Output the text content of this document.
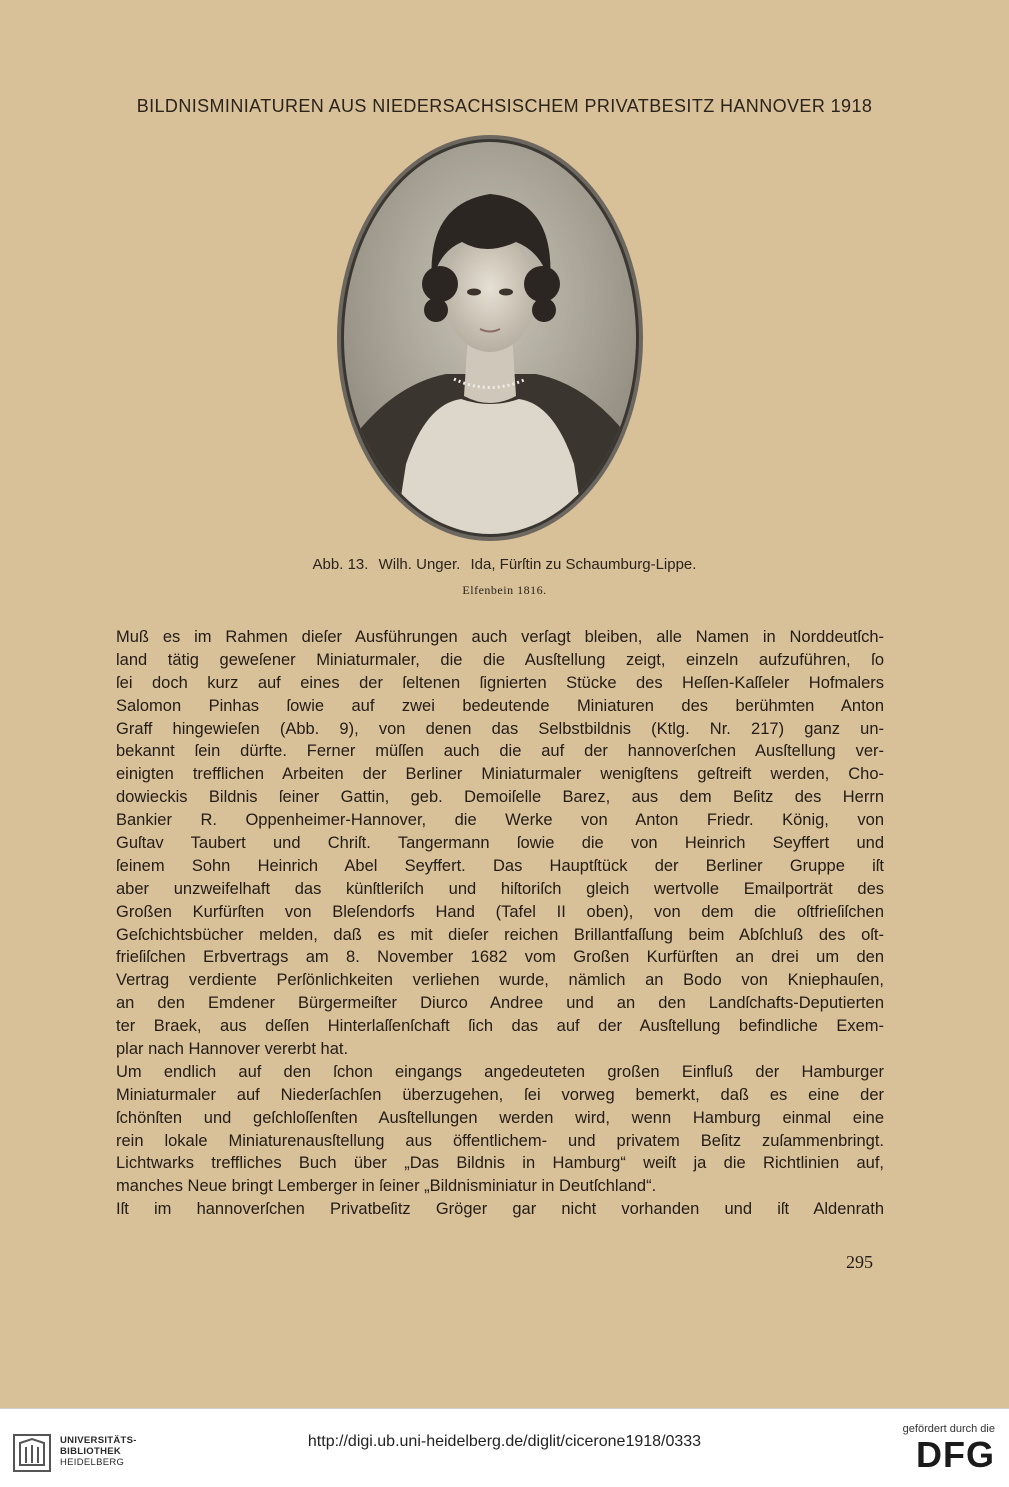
BILDNISMINIATUREN AUS NIEDERSACHSISCHEM PRIVATBESITZ HANNOVER 1918
Abb. 13. Wilh. Unger. Ida, Fürſtin zu Schaumburg-Lippe.
Elfenbein 1816.
Muß es im Rahmen dieſer Ausführungen auch verſagt bleiben, alle Namen in Norddeutſch-
land tätig geweſener Miniaturmaler, die die Ausſtellung zeigt, einzeln aufzuführen, ſo
ſei doch kurz auf eines der ſeltenen ſignierten Stücke des Heſſen-Kaſſeler Hofmalers
Salomon Pinhas ſowie auf zwei bedeutende Miniaturen des berühmten Anton
Graff hingewieſen (Abb. 9), von denen das Selbstbildnis (Ktlg. Nr. 217) ganz un-
bekannt ſein dürfte. Ferner müſſen auch die auf der hannoverſchen Ausſtellung ver-
einigten trefflichen Arbeiten der Berliner Miniaturmaler wenigſtens geſtreift werden, Cho-
dowieckis Bildnis ſeiner Gattin, geb. Demoiſelle Barez, aus dem Beſitz des Herrn
Bankier R. Oppenheimer-Hannover, die Werke von Anton Friedr. König, von
Guſtav Taubert und Chriſt. Tangermann ſowie die von Heinrich Seyffert und
ſeinem Sohn Heinrich Abel Seyffert. Das Hauptſtück der Berliner Gruppe iſt
aber unzweifelhaft das künſtleriſch und hiſtoriſch gleich wertvolle Emailporträt des
Großen Kurfürſten von Bleſendorfs Hand (Tafel II oben), von dem die oſtfrieſiſchen
Geſchichtsbücher melden, daß es mit dieſer reichen Brillantfaſſung beim Abſchluß des oſt-
frieſiſchen Erbvertrags am 8. November 1682 vom Großen Kurfürſten an drei um den
Vertrag verdiente Perſönlichkeiten verliehen wurde, nämlich an Bodo von Kniephauſen,
an den Emdener Bürgermeiſter Diurco Andree und an den Landſchafts-Deputierten
ter Braek, aus deſſen Hinterlaſſenſchaft ſich das auf der Ausſtellung befindliche Exem-
plar nach Hannover vererbt hat.
Um endlich auf den ſchon eingangs angedeuteten großen Einfluß der Hamburger
Miniaturmaler auf Niederſachſen überzugehen, ſei vorweg bemerkt, daß es eine der
ſchönſten und geſchloſſenſten Ausſtellungen werden wird, wenn Hamburg einmal eine
rein lokale Miniaturenausſtellung aus öffentlichem- und privatem Beſitz zuſammenbringt.
Lichtwarks treffliches Buch über „Das Bildnis in Hamburg“ weiſt ja die Richtlinien auf,
manches Neue bringt Lemberger in ſeiner „Bildnisminiatur in Deutſchland“.
Iſt im hannoverſchen Privatbeſitz Gröger gar nicht vorhanden und iſt Aldenrath
295
UNIVERSITÄTS-
BIBLIOTHEK
HEIDELBERG
http://digi.ub.uni-heidelberg.de/diglit/cicerone1918/0333
gefördert durch die
DFG
